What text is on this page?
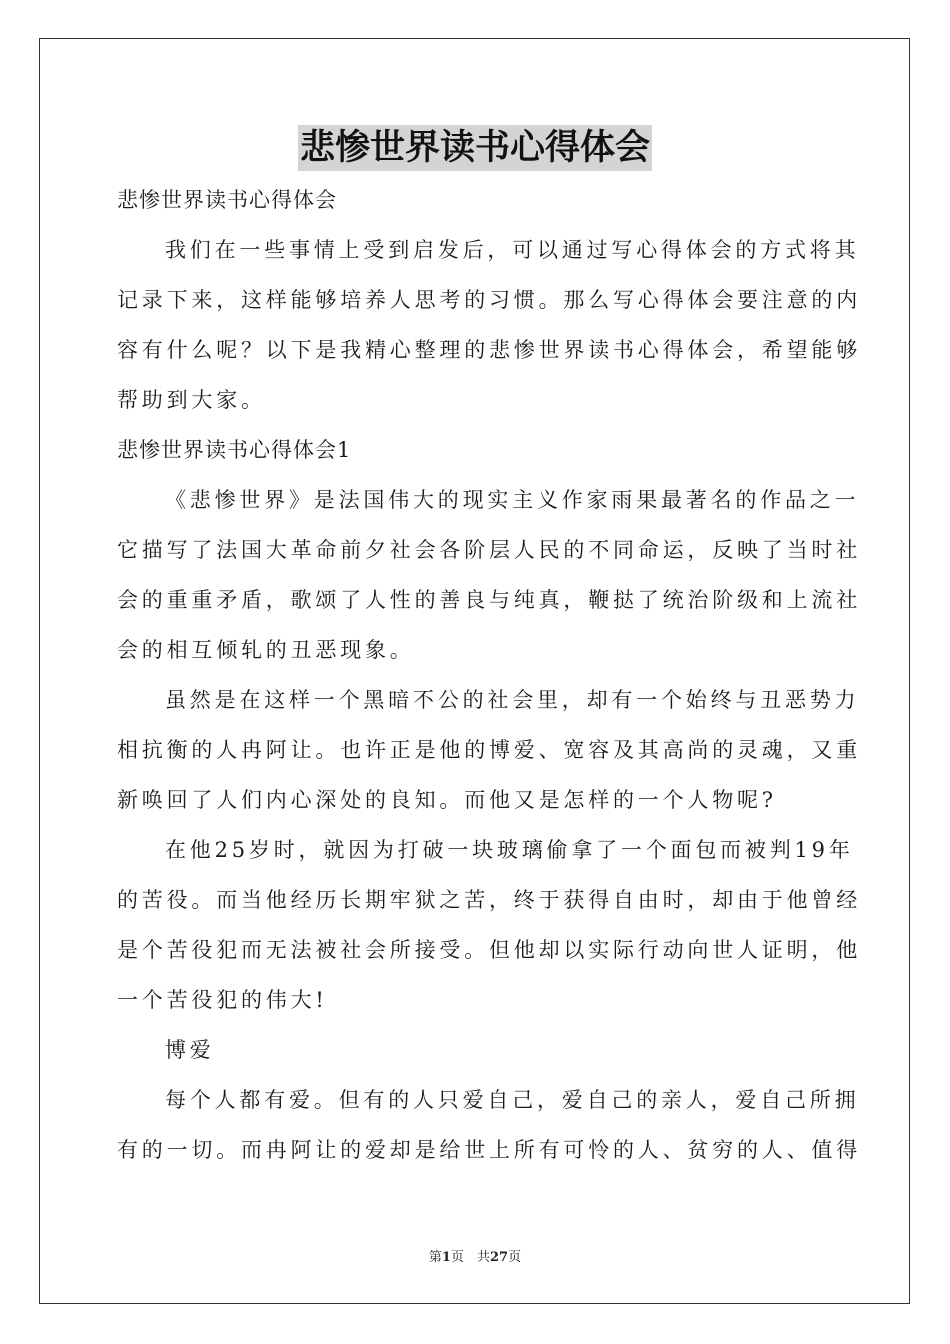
悲惨世界读书心得体会
悲惨世界读书心得体会
我们在一些事情上受到启发后，可以通过写心得体会的方式将其
记录下来，这样能够培养人思考的习惯。那么写心得体会要注意的内
容有什么呢？以下是我精心整理的悲惨世界读书心得体会，希望能够
帮助到大家。
悲惨世界读书心得体会1
《悲惨世界》是法国伟大的现实主义作家雨果最著名的作品之一
它描写了法国大革命前夕社会各阶层人民的不同命运，反映了当时社
会的重重矛盾，歌颂了人性的善良与纯真，鞭挞了统治阶级和上流社
会的相互倾轧的丑恶现象。
虽然是在这样一个黑暗不公的社会里，却有一个始终与丑恶势力
相抗衡的人冉阿让。也许正是他的博爱、宽容及其高尚的灵魂，又重
新唤回了人们内心深处的良知。而他又是怎样的一个人物呢?
在他25岁时，就因为打破一块玻璃偷拿了一个面包而被判19年
的苦役。而当他经历长期牢狱之苦，终于获得自由时，却由于他曾经
是个苦役犯而无法被社会所接受。但他却以实际行动向世人证明，他
一个苦役犯的伟大!
博爱
每个人都有爱。但有的人只爱自己，爱自己的亲人，爱自己所拥
有的一切。而冉阿让的爱却是给世上所有可怜的人、贫穷的人、值得
第1页　共27页
